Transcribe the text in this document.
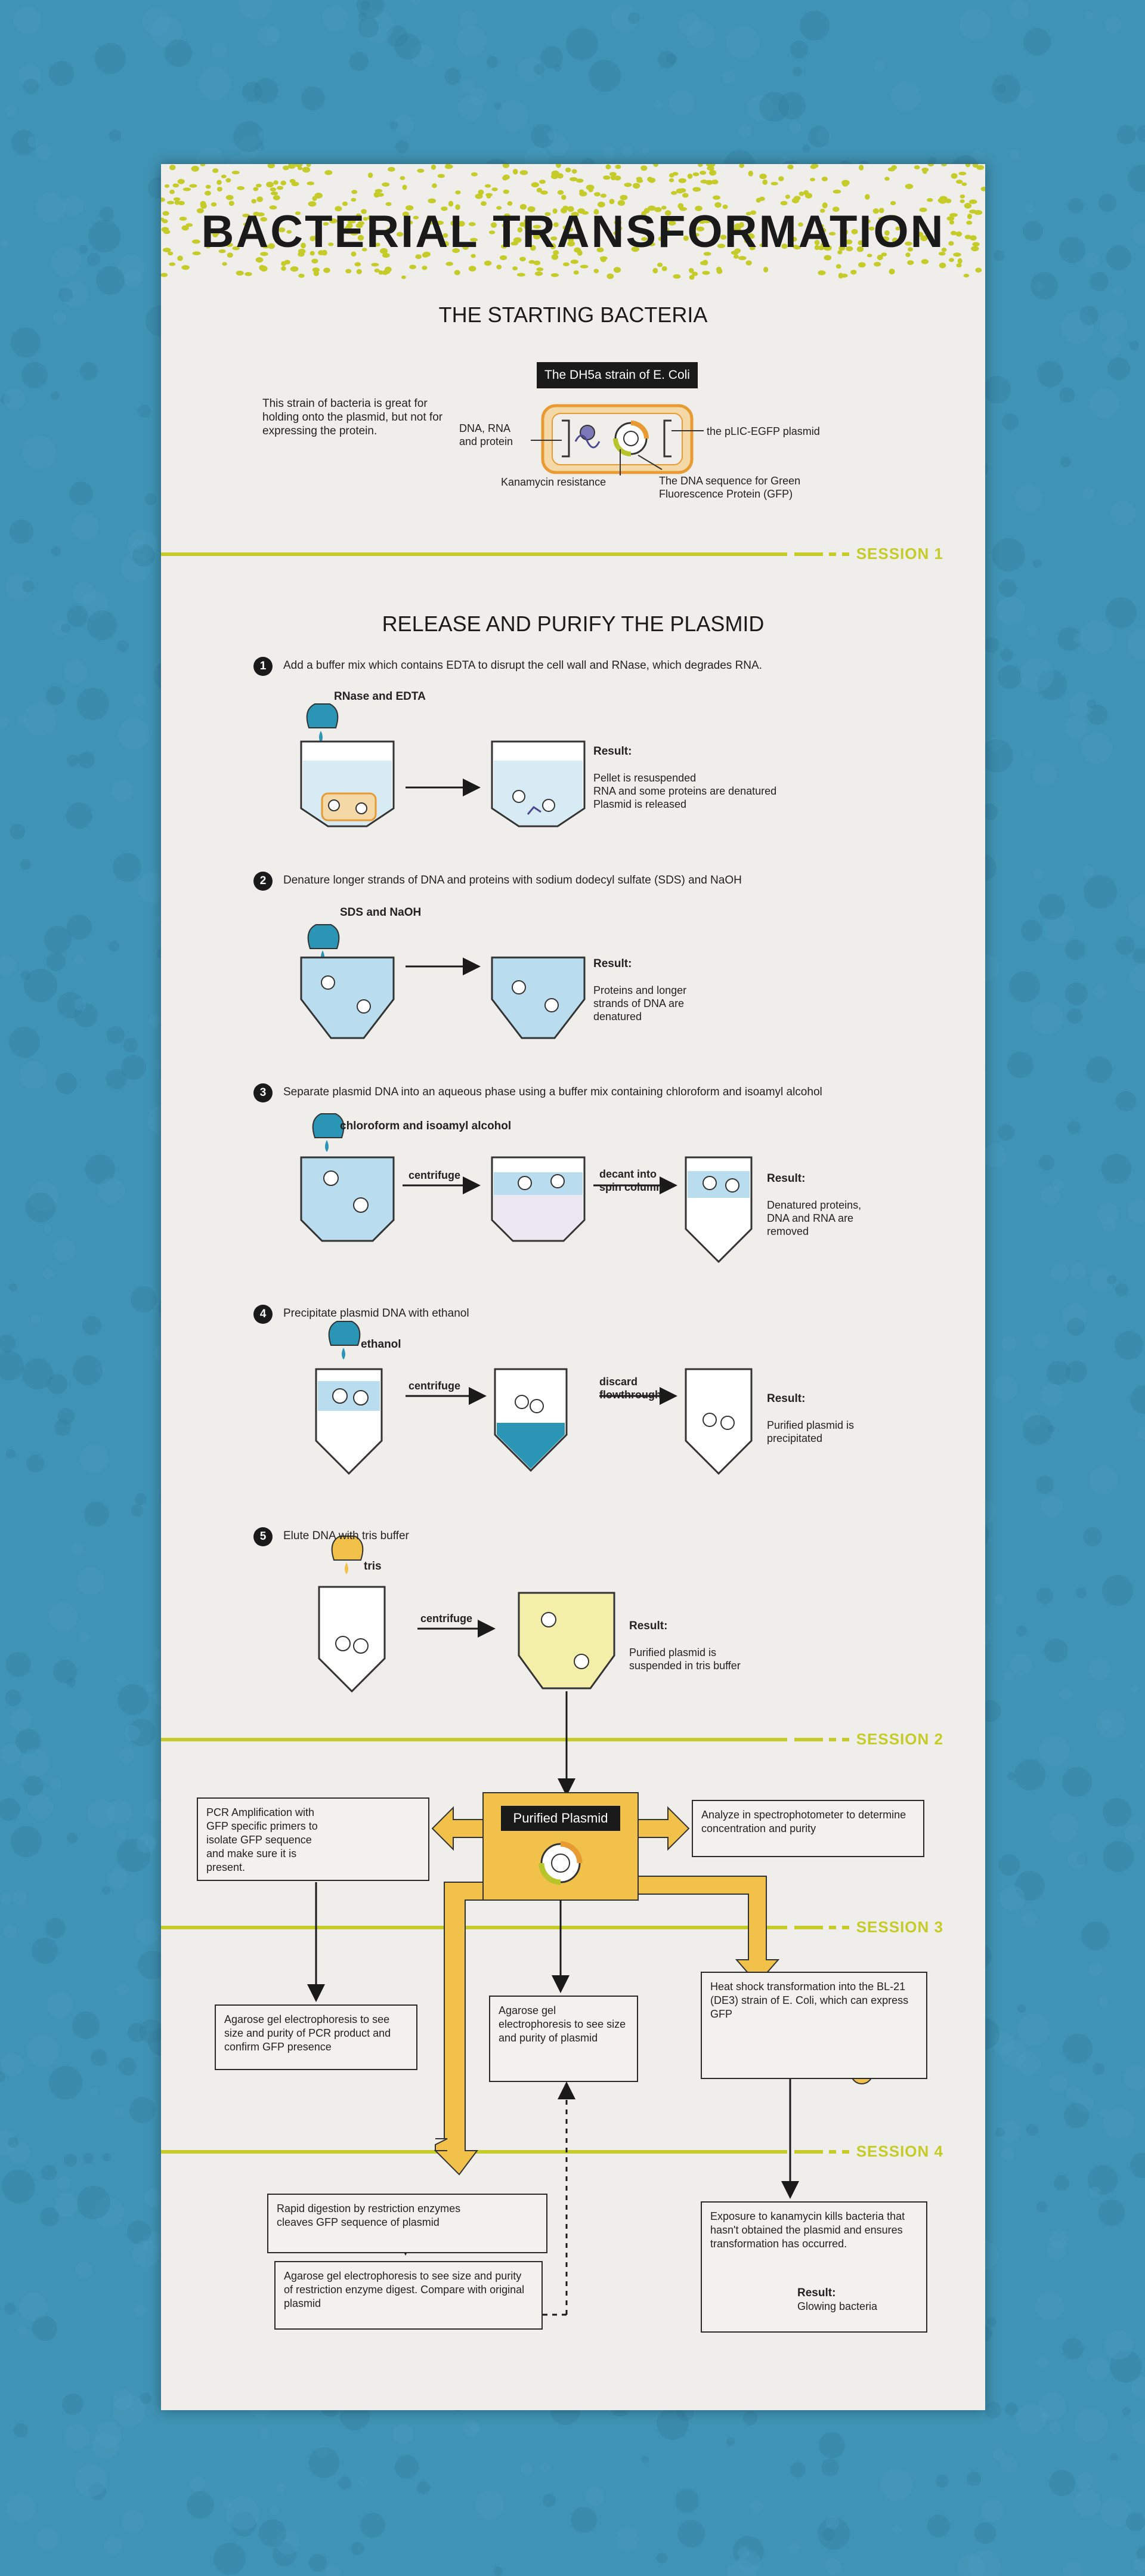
BACTERIAL TRANSFORMATION

THE STARTING BACTERIA

The DH5a strain of E. Coli

This strain of bacteria is great for holding onto the plasmid, but not for expressing the protein.	DNA, RNA and protein

the pLIC-EGFP plasmid

Kanamycin resistance	The DNA sequence for Green Fluorescence Protein (GFP)

SESSION 1

SESSION 2

SESSION 3

SESSION 4

RELEASE AND PURIFY THE PLASMID

1	Add a buffer mix which contains EDTA to disrupt the cell wall and RNase, which degrades RNA.

RNase and EDTA

Result:

Pellet is resuspended
RNA and some proteins are denatured
Plasmid is released

2	Denature longer strands of DNA and proteins with sodium dodecyl sulfate (SDS) and NaOH

SDS and NaOH

Result:

Proteins and longer
strands of DNA are
denatured

3	Separate plasmid DNA into an aqueous phase using a buffer mix containing chloroform and isoamyl alcohol

chloroform and isoamyl alcohol

centrifuge	decant into spin column

Result:

Denatured proteins,
DNA and RNA are
removed

4	Precipitate plasmid DNA with ethanol

ethanol

centrifuge	discard flowthrough	Result:

Purified plasmid is
precipitated

5	Elute DNA with tris buffer

tris

centrifuge

Result:

Purified plasmid is
suspended in tris buffer

Purified Plasmid
PCR Amplification with GFP specific primers to isolate GFP sequence and make sure it is present.
Analyze in spectrophotometer to determine concentration and purity
Agarose gel electrophoresis to see size and purity of PCR product and confirm GFP presence
Agarose gel electrophoresis to see size and purity of plasmid
Heat shock transformation into the BL-21 (DE3) strain of E. Coli, which can express GFP
Rapid digestion by restriction enzymes cleaves GFP sequence of plasmid
Agarose gel electrophoresis to see size and purity of restriction enzyme digest. Compare with original plasmid
Exposure to kanamycin kills bacteria that hasn't obtained the plasmid and ensures transformation has occurred.
Result:
Glowing bacteria
